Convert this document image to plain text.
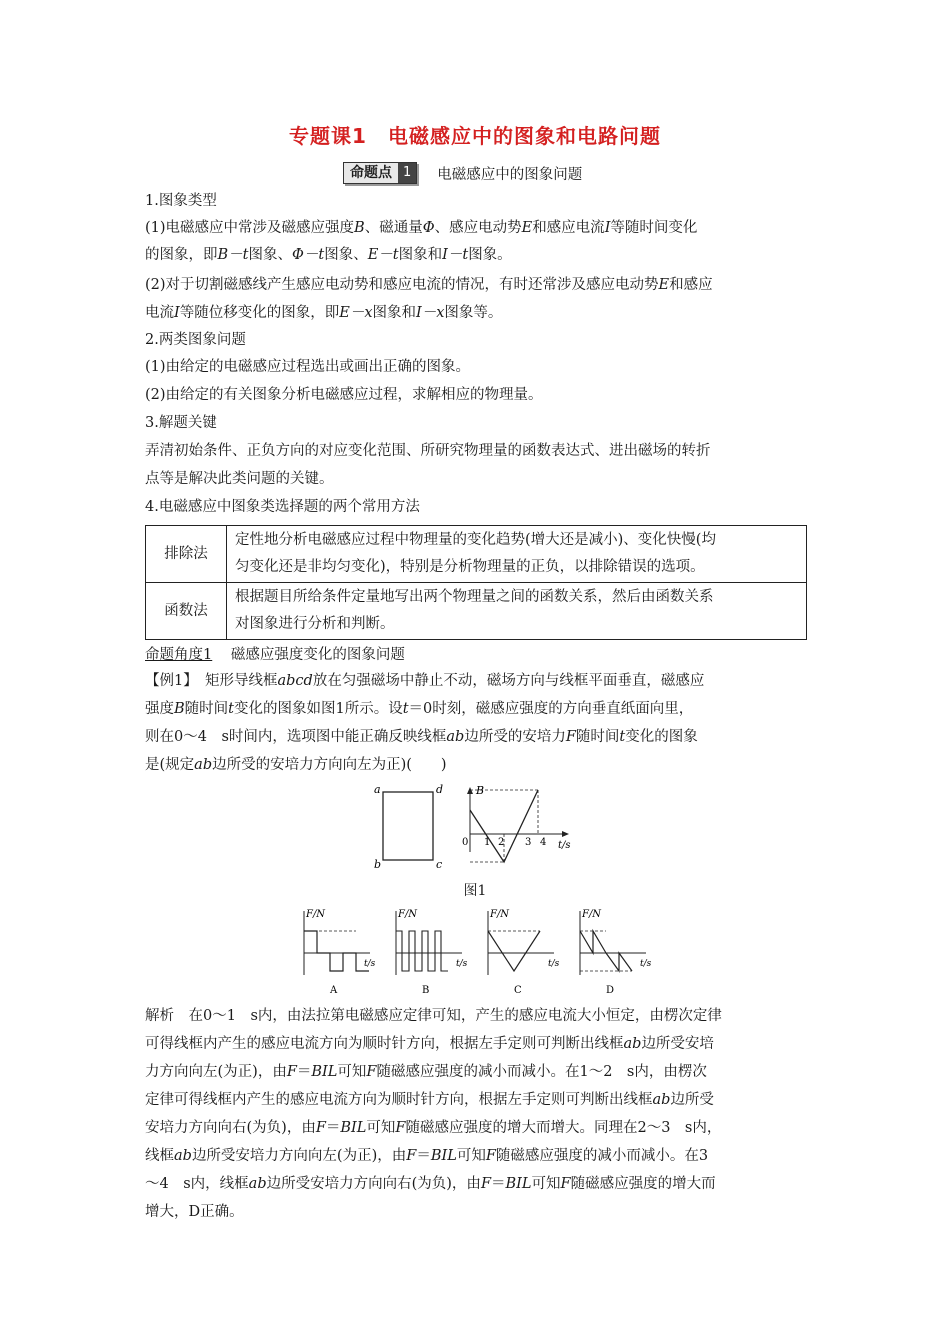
专题课1　电磁感应中的图象和电路问题
命题点 1	电磁感应中的图象问题

1.图象类型

(1)电磁感应中常涉及磁感应强度B、磁通量Φ、感应电动势E和感应电流I等随时间变化

的图象，即B－t图象、Φ－t图象、E－t图象和I－t图象。

(2)对于切割磁感线产生感应电动势和感应电流的情况，有时还常涉及感应电动势E和感应

电流I等随位移变化的图象，即E－x图象和I－x图象等。

2.两类图象问题

(1)由给定的电磁感应过程选出或画出正确的图象。

(2)由给定的有关图象分析电磁感应过程，求解相应的物理量。

3.解题关键

弄清初始条件、正负方向的对应变化范围、所研究物理量的函数表达式、进出磁场的转折

点等是解决此类问题的关键。

4.电磁感应中图象类选择题的两个常用方法

排除法	定性地分析电磁感应过程中物理量的变化趋势(增大还是减小)、变化快慢(均
匀变化还是非均匀变化)，特别是分析物理量的正负，以排除错误的选项。
函数法	根据题目所给条件定量地写出两个物理量之间的函数关系，然后由函数关系
对图象进行分析和判断。
命题角度1 磁感应强度变化的图象问题

【例1】　矩形导线框abcd放在匀强磁场中静止不动，磁场方向与线框平面垂直，磁感应

强度B随时间t变化的图象如图1所示。设t＝0时刻，磁感应强度的方向垂直纸面向里，

则在0～4　s时间内，选项图中能正确反映线框ab边所受的安培力F随时间t变化的图象

是(规定ab边所受的安培力方向向左为正)(　　)

a	d
b	c
B
t/s
0 1 2 3 4
图1
F/N
t/s
A
F/N
t/s
B
F/N
t/s
C
F/N
t/s
D

解析　在0～1　s内，由法拉第电磁感应定律可知，产生的感应电流大小恒定，由楞次定律

可得线框内产生的感应电流方向为顺时针方向，根据左手定则可判断出线框ab边所受安培

力方向向左(为正)，由F＝BIL可知F随磁感应强度的减小而减小。在1～2　s内，由楞次

定律可得线框内产生的感应电流方向为顺时针方向，根据左手定则可判断出线框ab边所受

安培力方向向右(为负)，由F＝BIL可知F随磁感应强度的增大而增大。同理在2～3　s内，

线框ab边所受安培力方向向左(为正)，由F＝BIL可知F随磁感应强度的减小而减小。在3

～4　s内，线框ab边所受安培力方向向右(为负)，由F＝BIL可知F随磁感应强度的增大而

增大，D正确。
